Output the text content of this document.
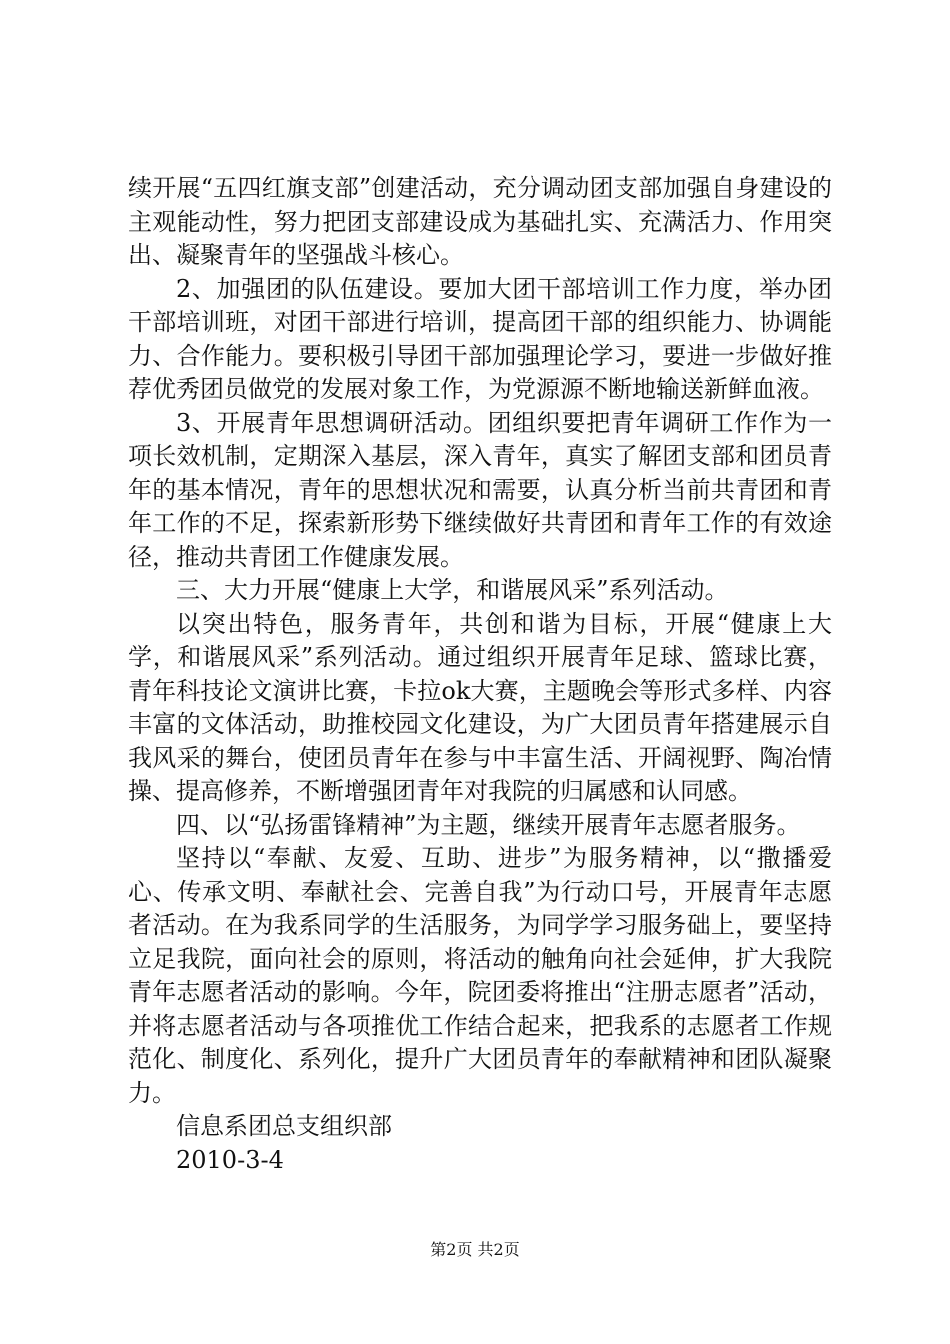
续开展“五四红旗支部”创建活动，充分调动团支部加强自身建设的主观能动性，努力把团支部建设成为基础扎实、充满活力、作用突出、凝聚青年的坚强战斗核心。

2、加强团的队伍建设。要加大团干部培训工作力度，举办团干部培训班，对团干部进行培训，提高团干部的组织能力、协调能力、合作能力。要积极引导团干部加强理论学习，要进一步做好推荐优秀团员做党的发展对象工作，为党源源不断地输送新鲜血液。

3、开展青年思想调研活动。团组织要把青年调研工作作为一项长效机制，定期深入基层，深入青年，真实了解团支部和团员青年的基本情况，青年的思想状况和需要，认真分析当前共青团和青年工作的不足，探索新形势下继续做好共青团和青年工作的有效途径，推动共青团工作健康发展。

三、大力开展“健康上大学，和谐展风采”系列活动。

以突出特色，服务青年，共创和谐为目标，开展“健康上大学，和谐展风采”系列活动。通过组织开展青年足球、篮球比赛，青年科技论文演讲比赛，卡拉ok大赛，主题晚会等形式多样、内容丰富的文体活动，助推校园文化建设，为广大团员青年搭建展示自我风采的舞台，使团员青年在参与中丰富生活、开阔视野、陶冶情操、提高修养，不断增强团青年对我院的归属感和认同感。

四、以“弘扬雷锋精神”为主题，继续开展青年志愿者服务。

坚持以“奉献、友爱、互助、进步”为服务精神，以“撒播爱心、传承文明、奉献社会、完善自我”为行动口号，开展青年志愿者活动。在为我系同学的生活服务，为同学学习服务础上，要坚持立足我院，面向社会的原则，将活动的触角向社会延伸，扩大我院青年志愿者活动的影响。今年，院团委将推出“注册志愿者”活动，并将志愿者活动与各项推优工作结合起来，把我系的志愿者工作规范化、制度化、系列化，提升广大团员青年的奉献精神和团队凝聚力。

信息系团总支组织部

2010-3-4

第2页 共2页
